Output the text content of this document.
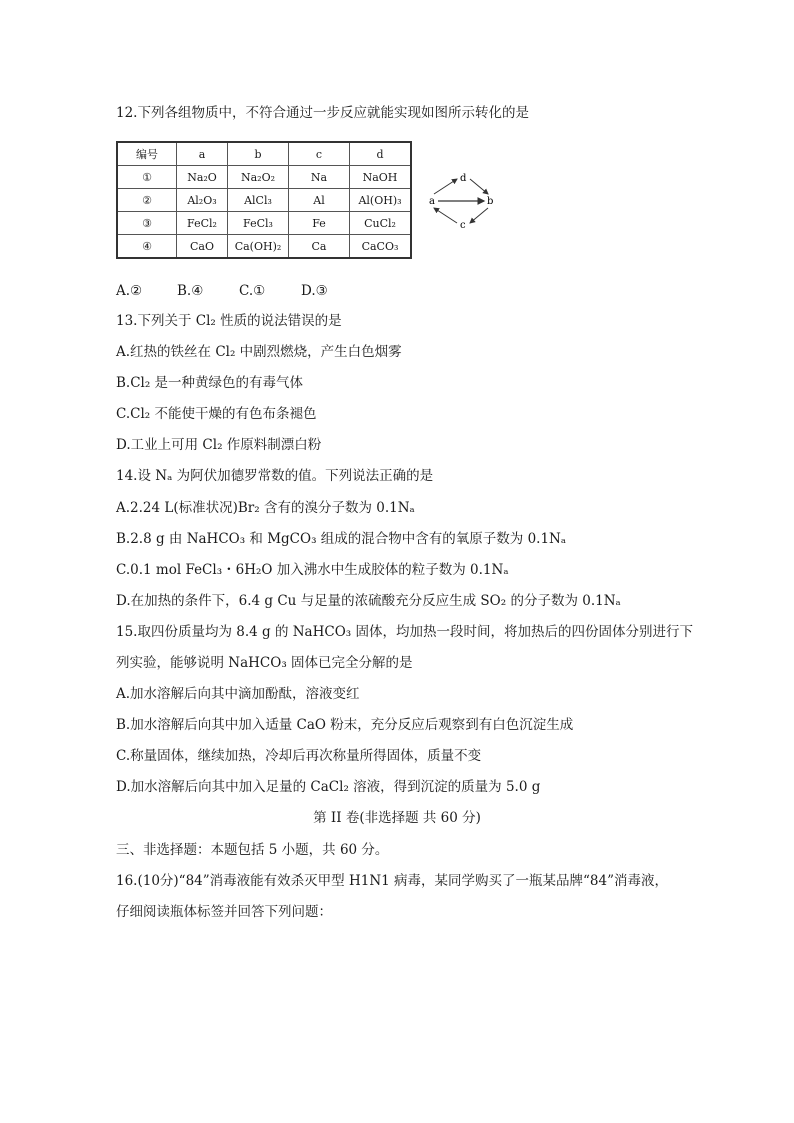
12.下列各组物质中，不符合通过一步反应就能实现如图所示转化的是
编号	a	b	c	d
①	Na₂O	Na₂O₂	Na	NaOH
②	Al₂O₃	AlCl₃	Al	Al(OH)₃
③	FeCl₂	FeCl₃	Fe	CuCl₂
④	CaO	Ca(OH)₂	Ca	CaCO₃
d
a	b
c
A.②	B.④	C.①	D.③
13.下列关于 Cl₂ 性质的说法错误的是
A.红热的铁丝在 Cl₂ 中剧烈燃烧，产生白色烟雾
B.Cl₂ 是一种黄绿色的有毒气体
C.Cl₂ 不能使干燥的有色布条褪色
D.工业上可用 Cl₂ 作原料制漂白粉
14.设 Nₐ 为阿伏加德罗常数的值。下列说法正确的是
A.2.24 L(标准状况)Br₂ 含有的溴分子数为 0.1Nₐ
B.2.8 g 由 NaHCO₃ 和 MgCO₃ 组成的混合物中含有的氧原子数为 0.1Nₐ
C.0.1 mol FeCl₃・6H₂O 加入沸水中生成胶体的粒子数为 0.1Nₐ
D.在加热的条件下，6.4 g Cu 与足量的浓硫酸充分反应生成 SO₂ 的分子数为 0.1Nₐ
15.取四份质量均为 8.4 g 的 NaHCO₃ 固体，均加热一段时间，将加热后的四份固体分别进行下
列实验，能够说明 NaHCO₃ 固体已完全分解的是
A.加水溶解后向其中滴加酚酞，溶液变红
B.加水溶解后向其中加入适量 CaO 粉末，充分反应后观察到有白色沉淀生成
C.称量固体，继续加热，冷却后再次称量所得固体，质量不变
D.加水溶解后向其中加入足量的 CaCl₂ 溶液，得到沉淀的质量为 5.0 g
第 II 卷(非选择题 共 60 分)
三、非选择题：本题包括 5 小题，共 60 分。
16.(10分)“84”消毒液能有效杀灭甲型 H1N1 病毒，某同学购买了一瓶某品牌“84”消毒液，
仔细阅读瓶体标签并回答下列问题：
